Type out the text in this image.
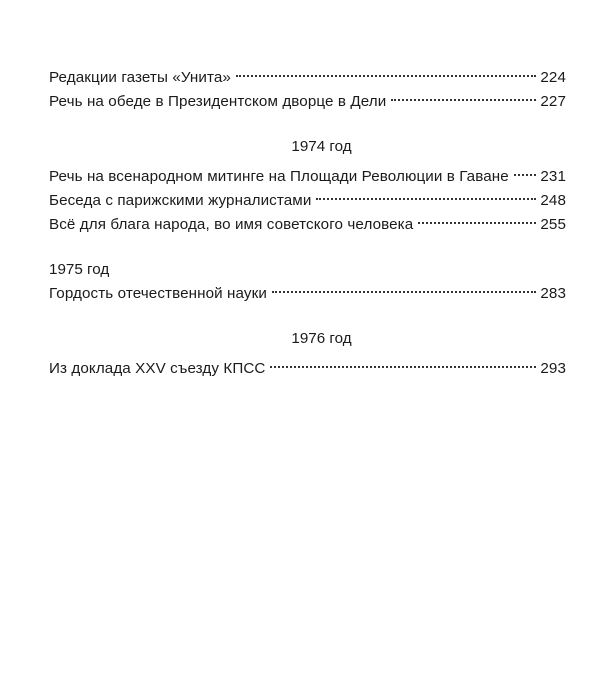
Редакции газеты «Унита»	224
Речь на обеде в Президентском дворце в Дели	227
1974 год
Речь на всенародном митинге на Площади Революции в Гаване 231
Беседа с парижскими журналистами	248
Всё для блага народа, во имя советского человека	255
1975 год
Гордость отечественной науки	283
1976 год
Из доклада XXV съезду КПСС	293
